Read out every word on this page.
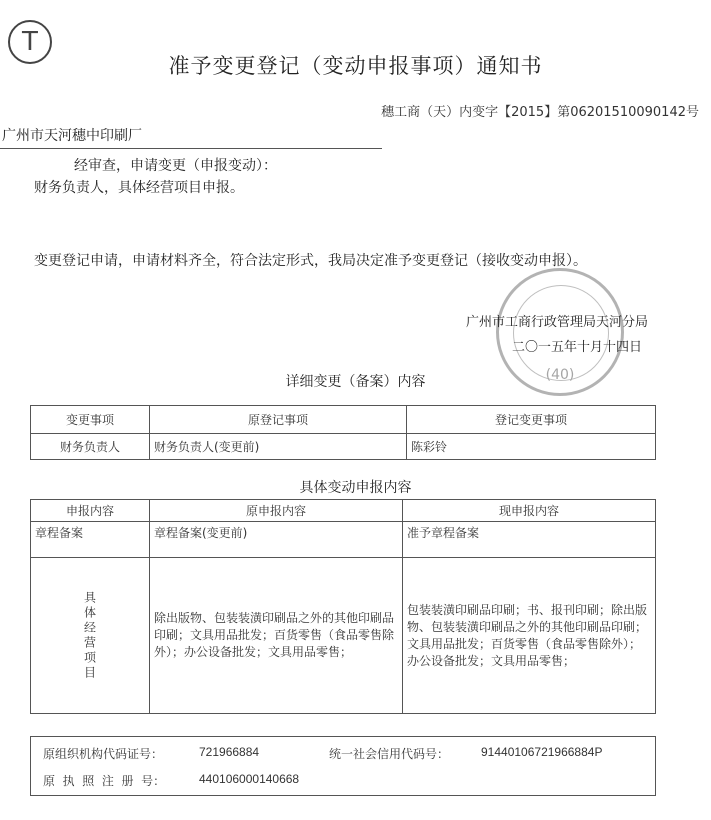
T
准予变更登记（变动申报事项）通知书
穗工商（天）内变字【2015】第06201510090142号
广州市天河穗中印刷厂
经审查，申请变更（申报变动）：
财务负责人，具体经营项目申报。
变更登记申请，申请材料齐全，符合法定形式，我局决定准予变更登记（接收变动申报）。
(40)
广州市工商行政管理局天河分局
二〇一五年十月十四日
详细变更（备案）内容
变更事项	原登记事项	登记变更事项
财务负责人	财务负责人(变更前)	陈彩铃
具体变动申报内容
申报内容	原申报内容	现申报内容
章程备案	章程备案(变更前)	准予章程备案

具体经营项目	除出版物、包装装潢印刷品之外的其他印刷品印刷；文具用品批发；百货零售（食品零售除外）；办公设备批发；文具用品零售；	包装装潢印刷品印刷；书、报刊印刷；除出版物、包装装潢印刷品之外的其他印刷品印刷；文具用品批发；百货零售（食品零售除外）；办公设备批发；文具用品零售；
原组织机构代码证号：	721966884	统一社会信用代码号：	91440106721966884P
原  执  照  注  册  号：	440106000140668
